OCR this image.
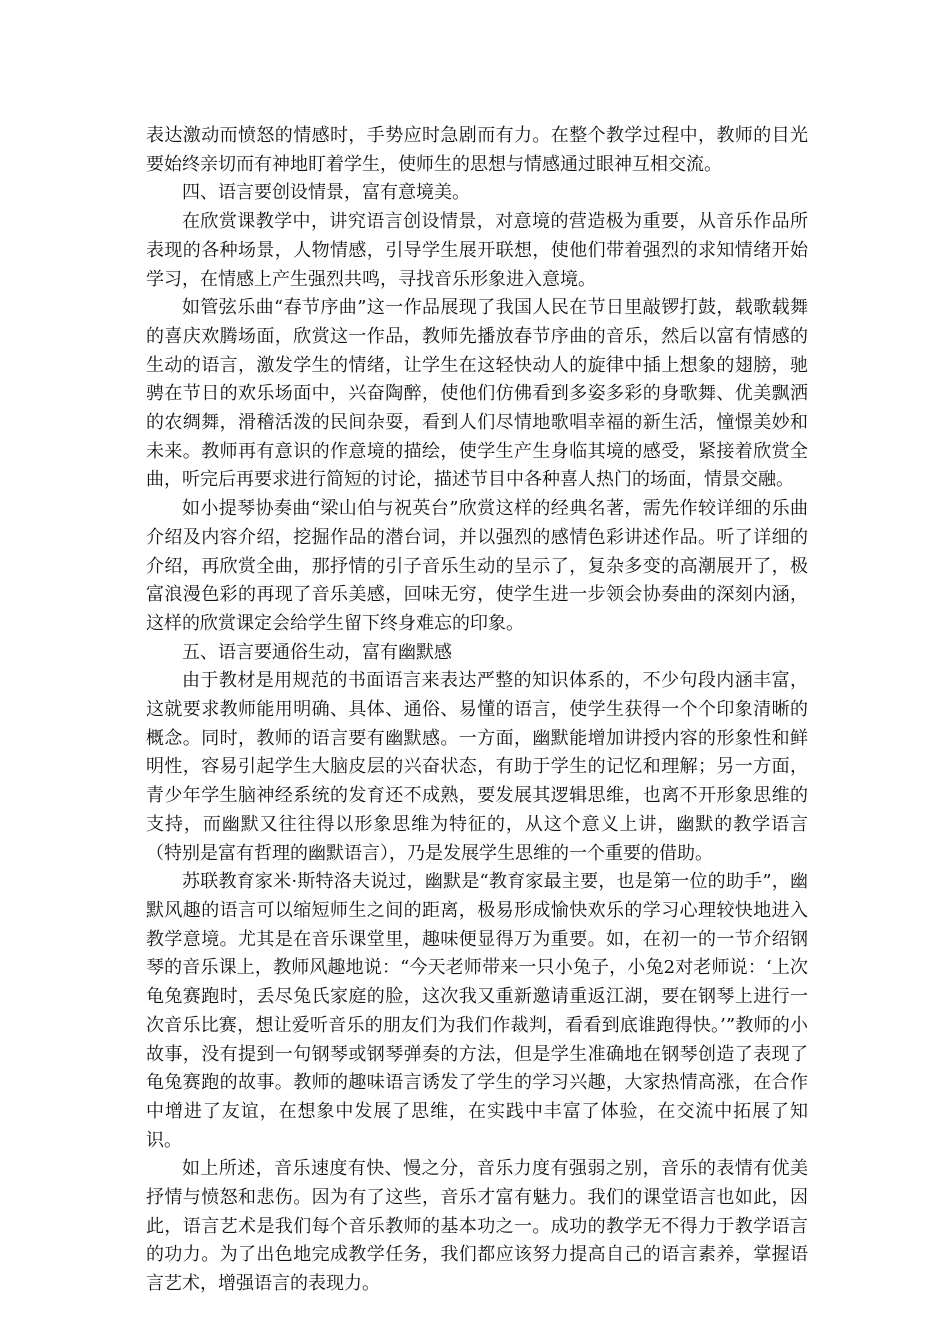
表达激动而愤怒的情感时，手势应时急剧而有力。在整个教学过程中，教师的目光要始终亲切而有神地盯着学生，使师生的思想与情感通过眼神互相交流。

四、语言要创设情景，富有意境美。

在欣赏课教学中，讲究语言创设情景，对意境的营造极为重要，从音乐作品所表现的各种场景，人物情感，引导学生展开联想，使他们带着强烈的求知情绪开始学习，在情感上产生强烈共鸣，寻找音乐形象进入意境。

如管弦乐曲“春节序曲”这一作品展现了我国人民在节日里敲锣打鼓，载歌载舞的喜庆欢腾场面，欣赏这一作品，教师先播放春节序曲的音乐，然后以富有情感的生动的语言，激发学生的情绪，让学生在这轻快动人的旋律中插上想象的翅膀，驰骋在节日的欢乐场面中，兴奋陶醉，使他们仿佛看到多姿多彩的身歌舞、优美飘洒的农绸舞，滑稽活泼的民间杂耍，看到人们尽情地歌唱幸福的新生活，憧憬美妙和未来。教师再有意识的作意境的描绘，使学生产生身临其境的感受，紧接着欣赏全曲，听完后再要求进行简短的讨论，描述节目中各种喜人热门的场面，情景交融。

如小提琴协奏曲“梁山伯与祝英台”欣赏这样的经典名著，需先作较详细的乐曲介绍及内容介绍，挖掘作品的潜台词，并以强烈的感情色彩讲述作品。听了详细的介绍，再欣赏全曲，那抒情的引子音乐生动的呈示了，复杂多变的高潮展开了，极富浪漫色彩的再现了音乐美感，回味无穷，使学生进一步领会协奏曲的深刻内涵，这样的欣赏课定会给学生留下终身难忘的印象。

五、语言要通俗生动，富有幽默感

由于教材是用规范的书面语言来表达严整的知识体系的，不少句段内涵丰富，这就要求教师能用明确、具体、通俗、易懂的语言，使学生获得一个个印象清晰的概念。同时，教师的语言要有幽默感。一方面，幽默能增加讲授内容的形象性和鲜明性，容易引起学生大脑皮层的兴奋状态，有助于学生的记忆和理解；另一方面，青少年学生脑神经系统的发育还不成熟，要发展其逻辑思维，也离不开形象思维的支持，而幽默又往往得以形象思维为特征的，从这个意义上讲，幽默的教学语言（特别是富有哲理的幽默语言），乃是发展学生思维的一个重要的借助。

苏联教育家米·斯特洛夫说过，幽默是“教育家最主要，也是第一位的助手”，幽默风趣的语言可以缩短师生之间的距离，极易形成愉快欢乐的学习心理较快地进入教学意境。尤其是在音乐课堂里，趣味便显得万为重要。如，在初一的一节介绍钢琴的音乐课上，教师风趣地说：“今天老师带来一只小兔子，小兔2对老师说：‘上次龟兔赛跑时，丢尽兔氏家庭的脸，这次我又重新邀请重返江湖，要在钢琴上进行一次音乐比赛，想让爱听音乐的朋友们为我们作裁判，看看到底谁跑得快。’”教师的小故事，没有提到一句钢琴或钢琴弹奏的方法，但是学生准确地在钢琴创造了表现了龟兔赛跑的故事。教师的趣味语言诱发了学生的学习兴趣，大家热情高涨，在合作中增进了友谊，在想象中发展了思维，在实践中丰富了体验，在交流中拓展了知识。

如上所述，音乐速度有快、慢之分，音乐力度有强弱之别，音乐的表情有优美抒情与愤怒和悲伤。因为有了这些，音乐才富有魅力。我们的课堂语言也如此，因此，语言艺术是我们每个音乐教师的基本功之一。成功的教学无不得力于教学语言的功力。为了出色地完成教学任务，我们都应该努力提高自己的语言素养，掌握语言艺术，增强语言的表现力。
